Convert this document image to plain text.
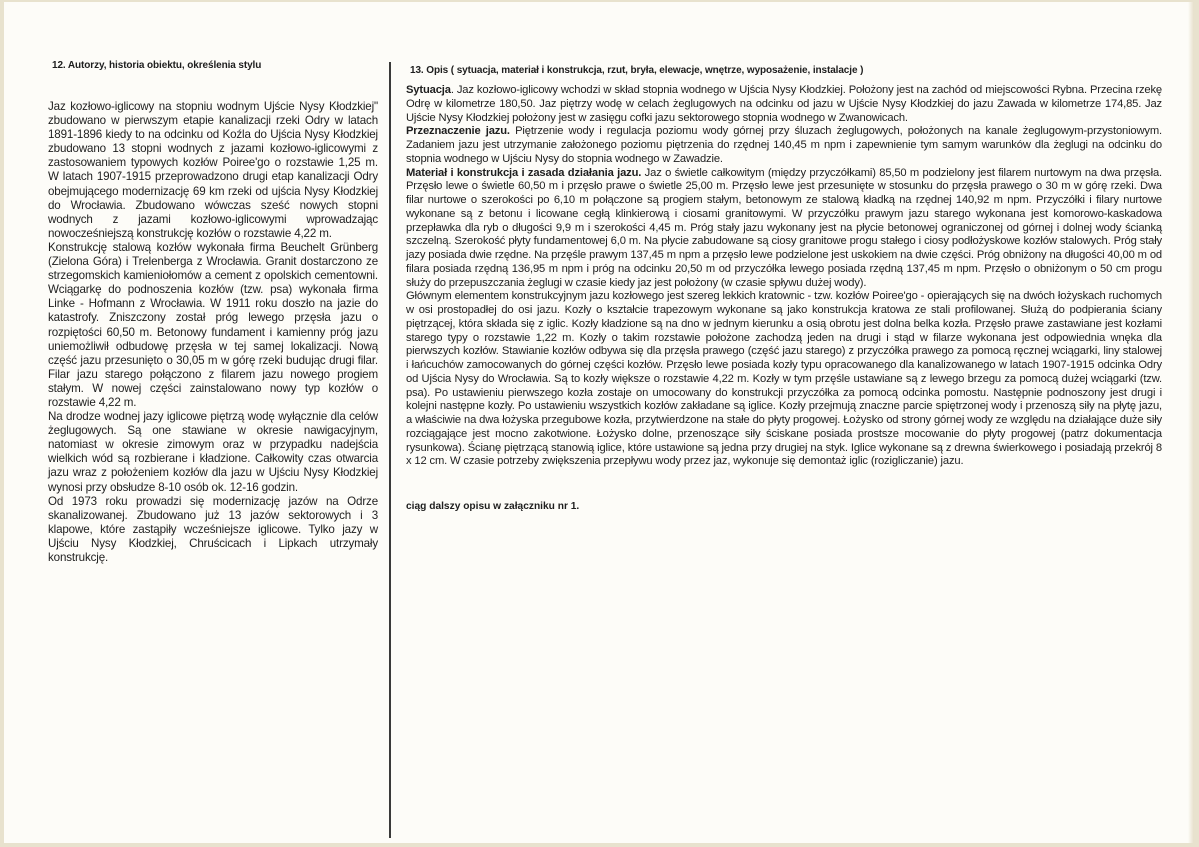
12. Autorzy, historia obiektu, określenia stylu

Jaz kozłowo-iglicowy na stopniu wodnym Ujście Nysy Kłodzkiej" zbudowano w pierwszym etapie kanalizacji rzeki Odry w latach 1891-1896 kiedy to na odcinku od Koźla do Ujścia Nysy Kłodzkiej zbudowano 13 stopni wodnych z jazami kozłowo-iglicowymi z zastosowaniem typowych kozłów Poiree'go o rozstawie 1,25 m. W latach 1907-1915 przeprowadzono drugi etap kanalizacji Odry obejmującego modernizację 69 km rzeki od ujścia Nysy Kłodzkiej do Wrocławia. Zbudowano wówczas sześć nowych stopni wodnych z jazami kozłowo-iglicowymi wprowadzając nowocześniejszą konstrukcję kozłów o rozstawie 4,22 m.

Konstrukcję stalową kozłów wykonała firma Beuchelt Grünberg (Zielona Góra) i Trelenberga z Wrocławia. Granit dostarczono ze strzegomskich kamieniołomów a cement z opolskich cementowni. Wciągarkę do podnoszenia kozłów (tzw. psa) wykonała firma Linke - Hofmann z Wrocławia. W 1911 roku doszło na jazie do katastrofy. Zniszczony został próg lewego przęsła jazu o rozpiętości 60,50 m. Betonowy fundament i kamienny próg jazu uniemożliwił odbudowę przęsła w tej samej lokalizacji. Nową część jazu przesunięto o 30,05 m w górę rzeki budując drugi filar. Filar jazu starego połączono z filarem jazu nowego progiem stałym. W nowej części zainstalowano nowy typ kozłów o rozstawie 4,22 m.

Na drodze wodnej jazy iglicowe piętrzą wodę wyłącznie dla celów żeglugowych. Są one stawiane w okresie nawigacyjnym, natomiast w okresie zimowym oraz w przypadku nadejścia wielkich wód są rozbierane i kładzione. Całkowity czas otwarcia jazu wraz z położeniem kozłów dla jazu w Ujściu Nysy Kłodzkiej wynosi przy obsłudze 8-10 osób ok. 12-16 godzin.

Od 1973 roku prowadzi się modernizację jazów na Odrze skanalizowanej. Zbudowano już 13 jazów sektorowych i 3 klapowe, które zastąpiły wcześniejsze iglicowe. Tylko jazy w Ujściu Nysy Kłodzkiej, Chruścicach i Lipkach utrzymały konstrukcję.

13. Opis ( sytuacja, materiał i konstrukcja, rzut, bryła, elewacje, wnętrze, wyposażenie, instalacje )

Sytuacja. Jaz kozłowo-iglicowy wchodzi w skład stopnia wodnego w Ujścia Nysy Kłodzkiej. Położony jest na zachód od miejscowości Rybna. Przecina rzekę Odrę w kilometrze 180,50. Jaz piętrzy wodę w celach żeglugowych na odcinku od jazu w Ujście Nysy Kłodzkiej do jazu Zawada w kilometrze 174,85. Jaz Ujście Nysy Kłodzkiej położony jest w zasięgu cofki jazu sektorowego stopnia wodnego w Zwanowicach.

Przeznaczenie jazu. Piętrzenie wody i regulacja poziomu wody górnej przy śluzach żeglugowych, położonych na kanale żeglugowym-przystoniowym. Zadaniem jazu jest utrzymanie założonego poziomu piętrzenia do rzędnej 140,45 m npm i zapewnienie tym samym warunków dla żeglugi na odcinku do stopnia wodnego w Ujściu Nysy do stopnia wodnego w Zawadzie.

Materiał i konstrukcja i zasada działania jazu. Jaz o świetle całkowitym (między przyczółkami) 85,50 m podzielony jest filarem nurtowym na dwa przęsła. Przęsło lewe o świetle 60,50 m i przęsło prawe o świetle 25,00 m. Przęsło lewe jest przesunięte w stosunku do przęsła prawego o 30 m w górę rzeki. Dwa filar nurtowe o szerokości po 6,10 m połączone są progiem stałym, betonowym ze stalową kładką na rzędnej 140,92 m npm. Przyczółki i filary nurtowe wykonane są z betonu i licowane cegłą klinkierową i ciosami granitowymi. W przyczółku prawym jazu starego wykonana jest komorowo-kaskadowa przepławka dla ryb o długości 9,9 m i szerokości 4,45 m. Próg stały jazu wykonany jest na płycie betonowej ograniczonej od górnej i dolnej wody ścianką szczelną. Szerokość płyty fundamentowej 6,0 m. Na płycie zabudowane są ciosy granitowe progu stałego i ciosy podłożyskowe kozłów stalowych. Próg stały jazy posiada dwie rzędne. Na przęśle prawym 137,45 m npm a przęsło lewe podzielone jest uskokiem na dwie części. Próg obniżony na długości 40,00 m od filara posiada rzędną 136,95 m npm i próg na odcinku 20,50 m od przyczółka lewego posiada rzędną 137,45 m npm. Przęsło o obniżonym o 50 cm progu służy do przepuszczania żeglugi w czasie kiedy jaz jest położony (w czasie spływu dużej wody).

Głównym elementem konstrukcyjnym jazu kozłowego jest szereg lekkich kratownic - tzw. kozłów Poiree'go - opierających się na dwóch łożyskach ruchomych w osi prostopadłej do osi jazu. Kozły o kształcie trapezowym wykonane są jako konstrukcja kratowa ze stali profilowanej. Służą do podpierania ściany piętrzącej, która składa się z iglic. Kozły kładzione są na dno w jednym kierunku a osią obrotu jest dolna belka kozła. Przęsło prawe zastawiane jest kozłami starego typy o rozstawie 1,22 m. Kozły o takim rozstawie położone zachodzą jeden na drugi i stąd w filarze wykonana jest odpowiednia wnęka dla pierwszych kozłów. Stawianie kozłów odbywa się dla przęsła prawego (część jazu starego) z przyczółka prawego za pomocą ręcznej wciągarki, liny stalowej i łańcuchów zamocowanych do górnej części kozłów. Przęsło lewe posiada kozły typu opracowanego dla kanalizowanego w latach 1907-1915 odcinka Odry od Ujścia Nysy do Wrocławia. Są to kozły większe o rozstawie 4,22 m. Kozły w tym przęśle ustawiane są z lewego brzegu za pomocą dużej wciągarki (tzw. psa). Po ustawieniu pierwszego kozła zostaje on umocowany do konstrukcji przyczółka za pomocą odcinka pomostu. Następnie podnoszony jest drugi i kolejni następne kozły. Po ustawieniu wszystkich kozłów zakładane są iglice. Kozły przejmują znaczne parcie spiętrzonej wody i przenoszą siły na płytę jazu, a właściwie na dwa łożyska przegubowe kozła, przytwierdzone na stałe do płyty progowej. Łożysko od strony górnej wody ze względu na działające duże siły rozciągające jest mocno zakotwione. Łożysko dolne, przenoszące siły ściskane posiada prostsze mocowanie do płyty progowej (patrz dokumentacja rysunkowa). Ścianę piętrzącą stanowią iglice, które ustawione są jedna przy drugiej na styk. Iglice wykonane są z drewna świerkowego i posiadają przekrój 8 x 12 cm. W czasie potrzeby zwiększenia przepływu wody przez jaz, wykonuje się demontaż iglic (rozigliczanie) jazu.

ciąg dalszy opisu w załączniku nr 1.
